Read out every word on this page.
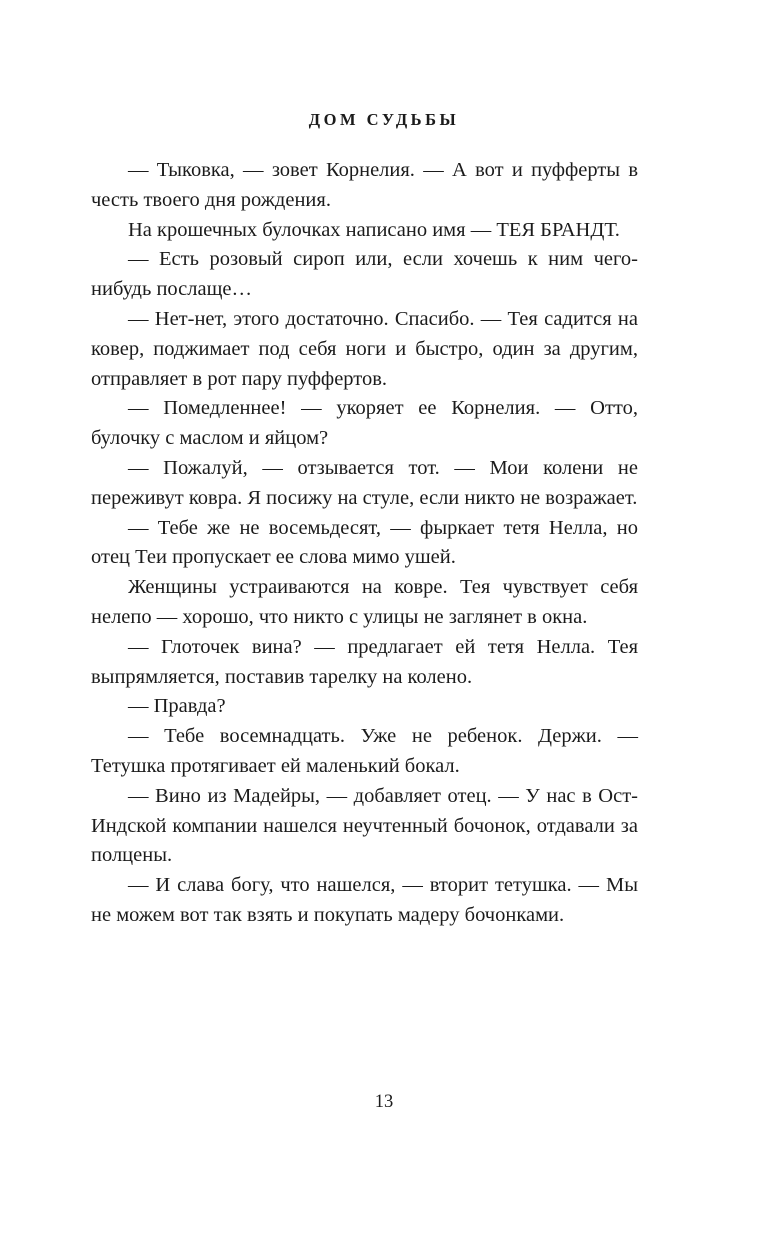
ДОМ СУДЬБЫ

— Тыковка, — зовет Корнелия. — А вот и пуфферты в честь твоего дня рождения.

На крошечных булочках написано имя — ТЕЯ БРАНДТ.

— Есть розовый сироп или, если хочешь к ним чего-нибудь послаще…

— Нет-нет, этого достаточно. Спасибо. — Тея садится на ковер, поджимает под себя ноги и быстро, один за другим, отправляет в рот пару пуффертов.

— Помедленнее! — укоряет ее Корнелия. — Отто, булочку с маслом и яйцом?

— Пожалуй, — отзывается тот. — Мои колени не переживут ковра. Я посижу на стуле, если никто не возражает.

— Тебе же не восемьдесят, — фыркает тетя Нелла, но отец Теи пропускает ее слова мимо ушей.

Женщины устраиваются на ковре. Тея чувствует себя нелепо — хорошо, что никто с улицы не заглянет в окна.

— Глоточек вина? — предлагает ей тетя Нелла. Тея выпрямляется, поставив тарелку на колено.

— Правда?

— Тебе восемнадцать. Уже не ребенок. Держи. — Тетушка протягивает ей маленький бокал.

— Вино из Мадейры, — добавляет отец. — У нас в Ост-Индской компании нашелся неучтенный бочонок, отдавали за полцены.

— И слава богу, что нашелся, — вторит тетушка. — Мы не можем вот так взять и покупать мадеру бочонками.

13
